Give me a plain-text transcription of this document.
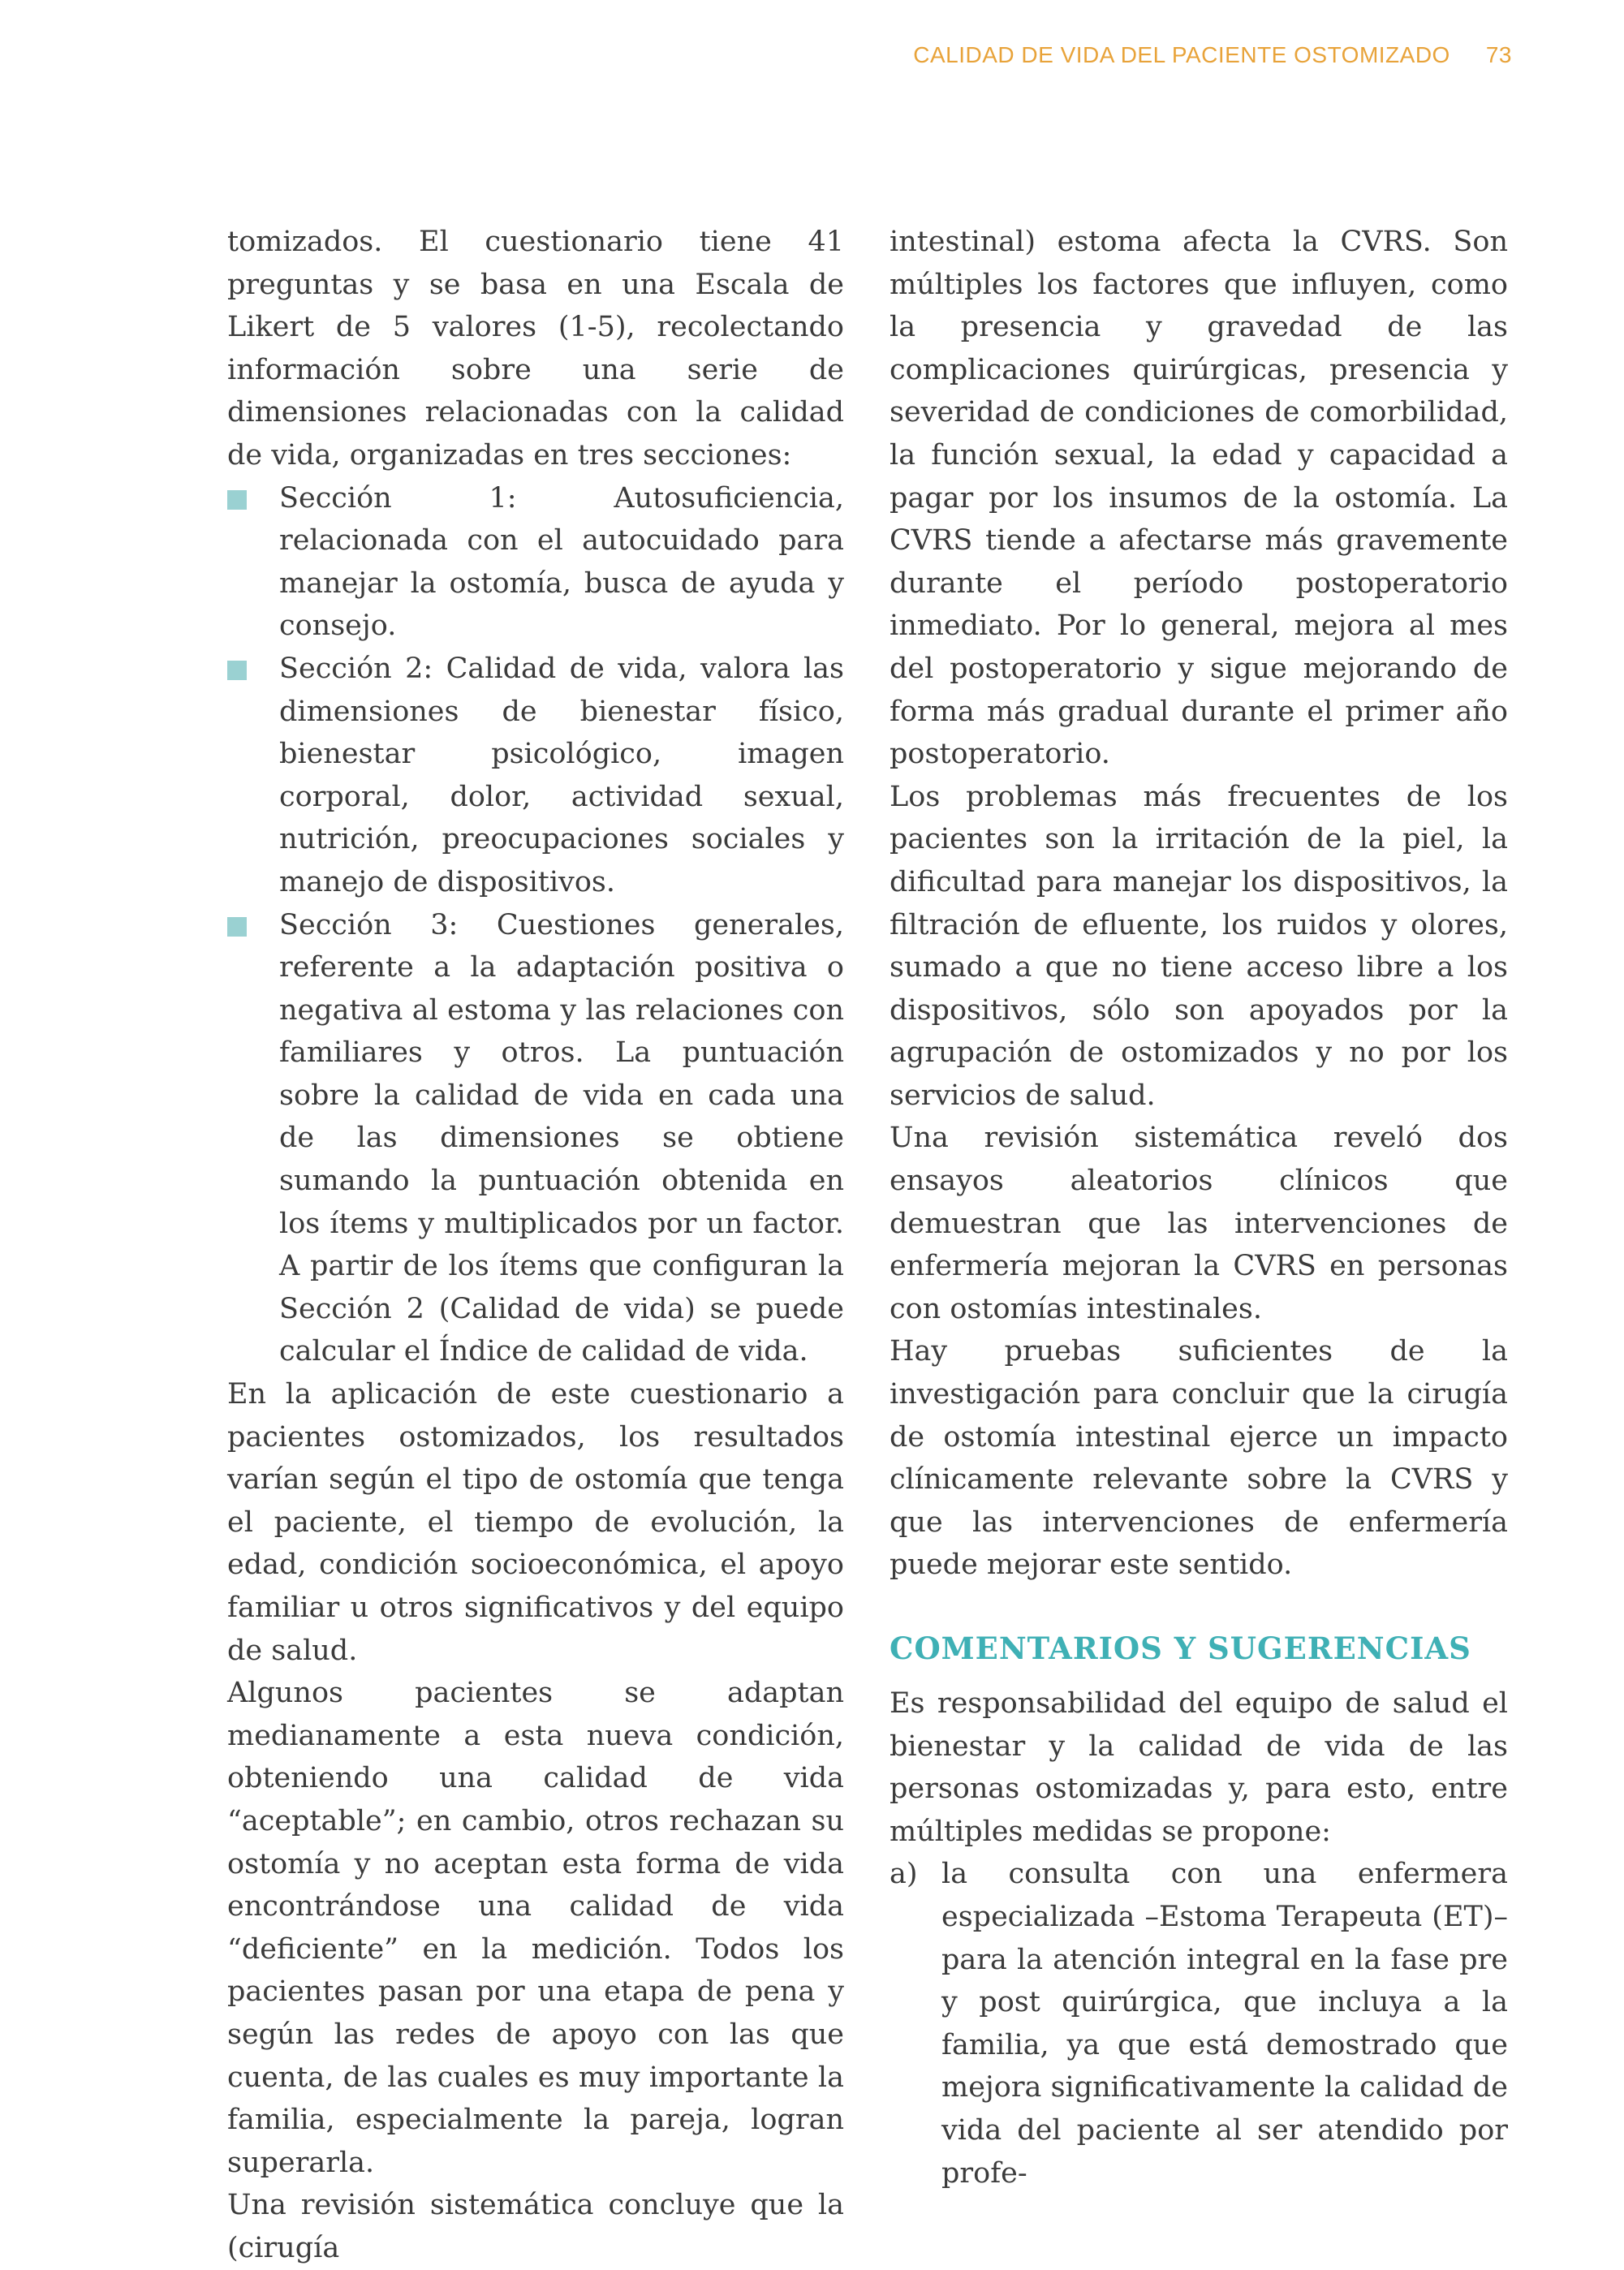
CALIDAD DE VIDA DEL PACIENTE OSTOMIZADO 73

tomizados. El cuestionario tiene 41 preguntas y se basa en una Escala de Likert de 5 valores (1-5), recolectando información sobre una serie de dimensiones relacionadas con la calidad de vida, organizadas en tres secciones:

Sección 1: Autosuficiencia, relacionada con el autocuidado para manejar la ostomía, busca de ayuda y consejo.
Sección 2: Calidad de vida, valora las dimensiones de bienestar físico, bienestar psicológico, imagen corporal, dolor, actividad sexual, nutrición, preocupaciones sociales y manejo de dispositivos.
Sección 3: Cuestiones generales, referente a la adaptación positiva o negativa al estoma y las relaciones con familiares y otros. La puntuación sobre la calidad de vida en cada una de las dimensiones se obtiene sumando la puntuación obtenida en los ítems y multiplicados por un factor. A partir de los ítems que configuran la Sección 2 (Calidad de vida) se puede calcular el Índice de calidad de vida.

En la aplicación de este cuestionario a pacientes ostomizados, los resultados varían según el tipo de ostomía que tenga el paciente, el tiempo de evolución, la edad, condición socioeconómica, el apoyo familiar u otros significativos y del equipo de salud.

Algunos pacientes se adaptan medianamente a esta nueva condición, obteniendo una calidad de vida “aceptable”; en cambio, otros rechazan su ostomía y no aceptan esta forma de vida encontrándose una calidad de vida “deficiente” en la medición. Todos los pacientes pasan por una etapa de pena y según las redes de apoyo con las que cuenta, de las cuales es muy importante la familia, especialmente la pareja, logran superarla.

Una revisión sistemática concluye que la (cirugía

intestinal) estoma afecta la CVRS. Son múltiples los factores que influyen, como la presencia y gravedad de las complicaciones quirúrgicas, presencia y severidad de condiciones de comorbilidad, la función sexual, la edad y capacidad a pagar por los insumos de la ostomía. La CVRS tiende a afectarse más gravemente durante el período postoperatorio inmediato. Por lo general, mejora al mes del postoperatorio y sigue mejorando de forma más gradual durante el primer año postoperatorio.

Los problemas más frecuentes de los pacientes son la irritación de la piel, la dificultad para manejar los dispositivos, la filtración de efluente, los ruidos y olores, sumado a que no tiene acceso libre a los dispositivos, sólo son apoyados por la agrupación de ostomizados y no por los servicios de salud.

Una revisión sistemática reveló dos ensayos aleatorios clínicos que demuestran que las intervenciones de enfermería mejoran la CVRS en personas con ostomías intestinales.

Hay pruebas suficientes de la investigación para concluir que la cirugía de ostomía intestinal ejerce un impacto clínicamente relevante sobre la CVRS y que las intervenciones de enfermería puede mejorar este sentido.

COMENTARIOS Y SUGERENCIAS

Es responsabilidad del equipo de salud el bienestar y la calidad de vida de las personas ostomizadas y, para esto, entre múltiples medidas se propone:

a) la consulta con una enfermera especializada –Estoma Terapeuta (ET)– para la atención integral en la fase pre y post quirúrgica, que incluya a la familia, ya que está demostrado que mejora significativamente la calidad de vida del paciente al ser atendido por profe-
